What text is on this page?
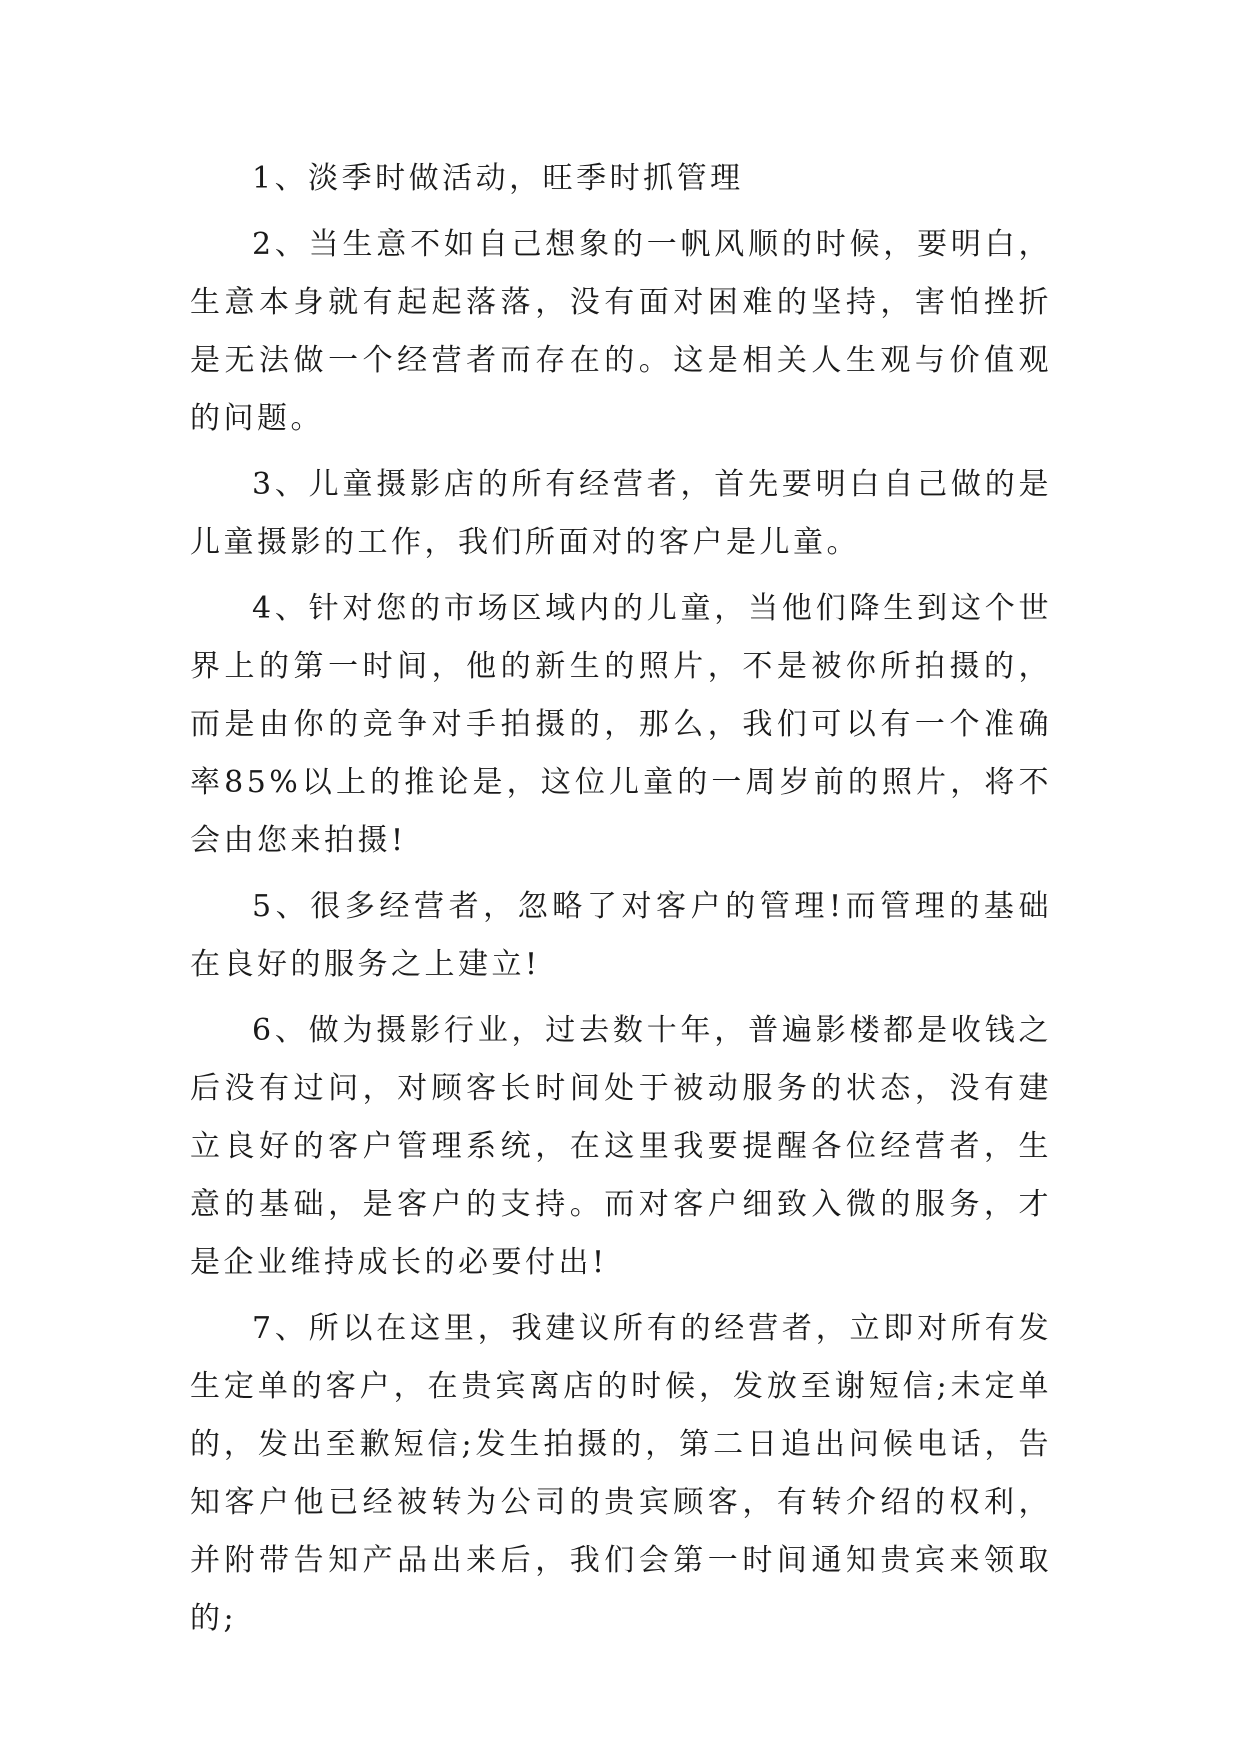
1、淡季时做活动，旺季时抓管理

2、当生意不如自己想象的一帆风顺的时候，要明白，生意本身就有起起落落，没有面对困难的坚持，害怕挫折是无法做一个经营者而存在的。这是相关人生观与价值观的问题。

3、儿童摄影店的所有经营者，首先要明白自己做的是儿童摄影的工作，我们所面对的客户是儿童。

4、针对您的市场区域内的儿童，当他们降生到这个世界上的第一时间，他的新生的照片，不是被你所拍摄的，而是由你的竞争对手拍摄的，那么，我们可以有一个准确率85%以上的推论是，这位儿童的一周岁前的照片，将不会由您来拍摄!

5、很多经营者，忽略了对客户的管理!而管理的基础在良好的服务之上建立!

6、做为摄影行业，过去数十年，普遍影楼都是收钱之后没有过问，对顾客长时间处于被动服务的状态，没有建立良好的客户管理系统，在这里我要提醒各位经营者，生意的基础，是客户的支持。而对客户细致入微的服务，才是企业维持成长的必要付出!

7、所以在这里，我建议所有的经营者，立即对所有发生定单的客户，在贵宾离店的时候，发放至谢短信;未定单的，发出至歉短信;发生拍摄的，第二日追出问候电话，告知客户他已经被转为公司的贵宾顾客，有转介绍的权利，并附带告知产品出来后，我们会第一时间通知贵宾来领取的;
